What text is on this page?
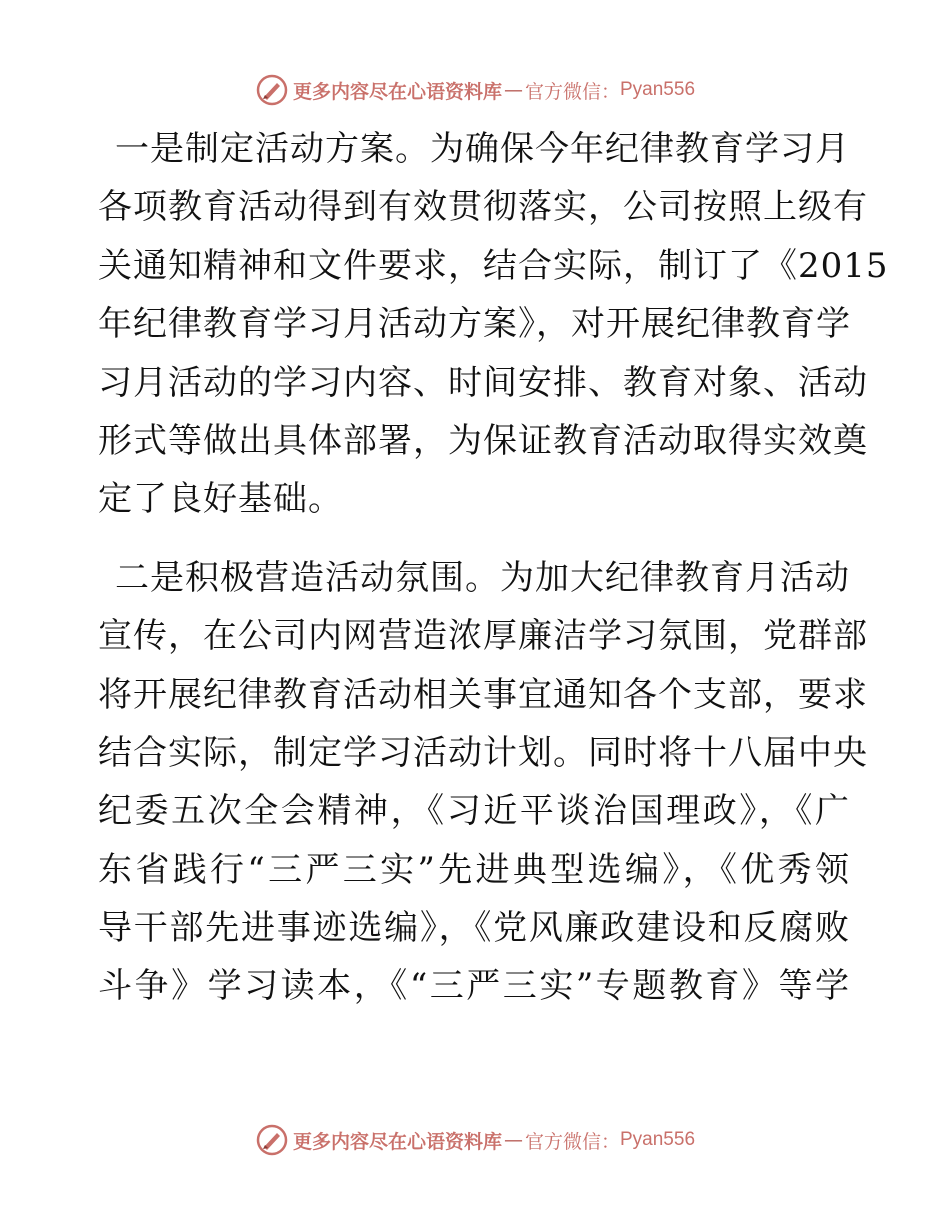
更多内容尽在心语资料库 — 官方微信： Pyan556
一是制定活动方案。为确保今年纪律教育学习月
各项教育活动得到有效贯彻落实，公司按照上级有
关通知精神和文件要求，结合实际，制订了《2015
年纪律教育学习月活动方案》，对开展纪律教育学
习月活动的学习内容、时间安排、教育对象、活动
形式等做出具体部署，为保证教育活动取得实效奠
定了良好基础。
二是积极营造活动氛围。为加大纪律教育月活动
宣传，在公司内网营造浓厚廉洁学习氛围，党群部
将开展纪律教育活动相关事宜通知各个支部，要求
结合实际，制定学习活动计划。同时将十八届中央
纪委五次全会精神，《习近平谈治国理政》，《广
东省践行“三严三实”先进典型选编》，《优秀领
导干部先进事迹选编》，《党风廉政建设和反腐败
斗争》学习读本，《“三严三实”专题教育》等学
更多内容尽在心语资料库 — 官方微信： Pyan556
